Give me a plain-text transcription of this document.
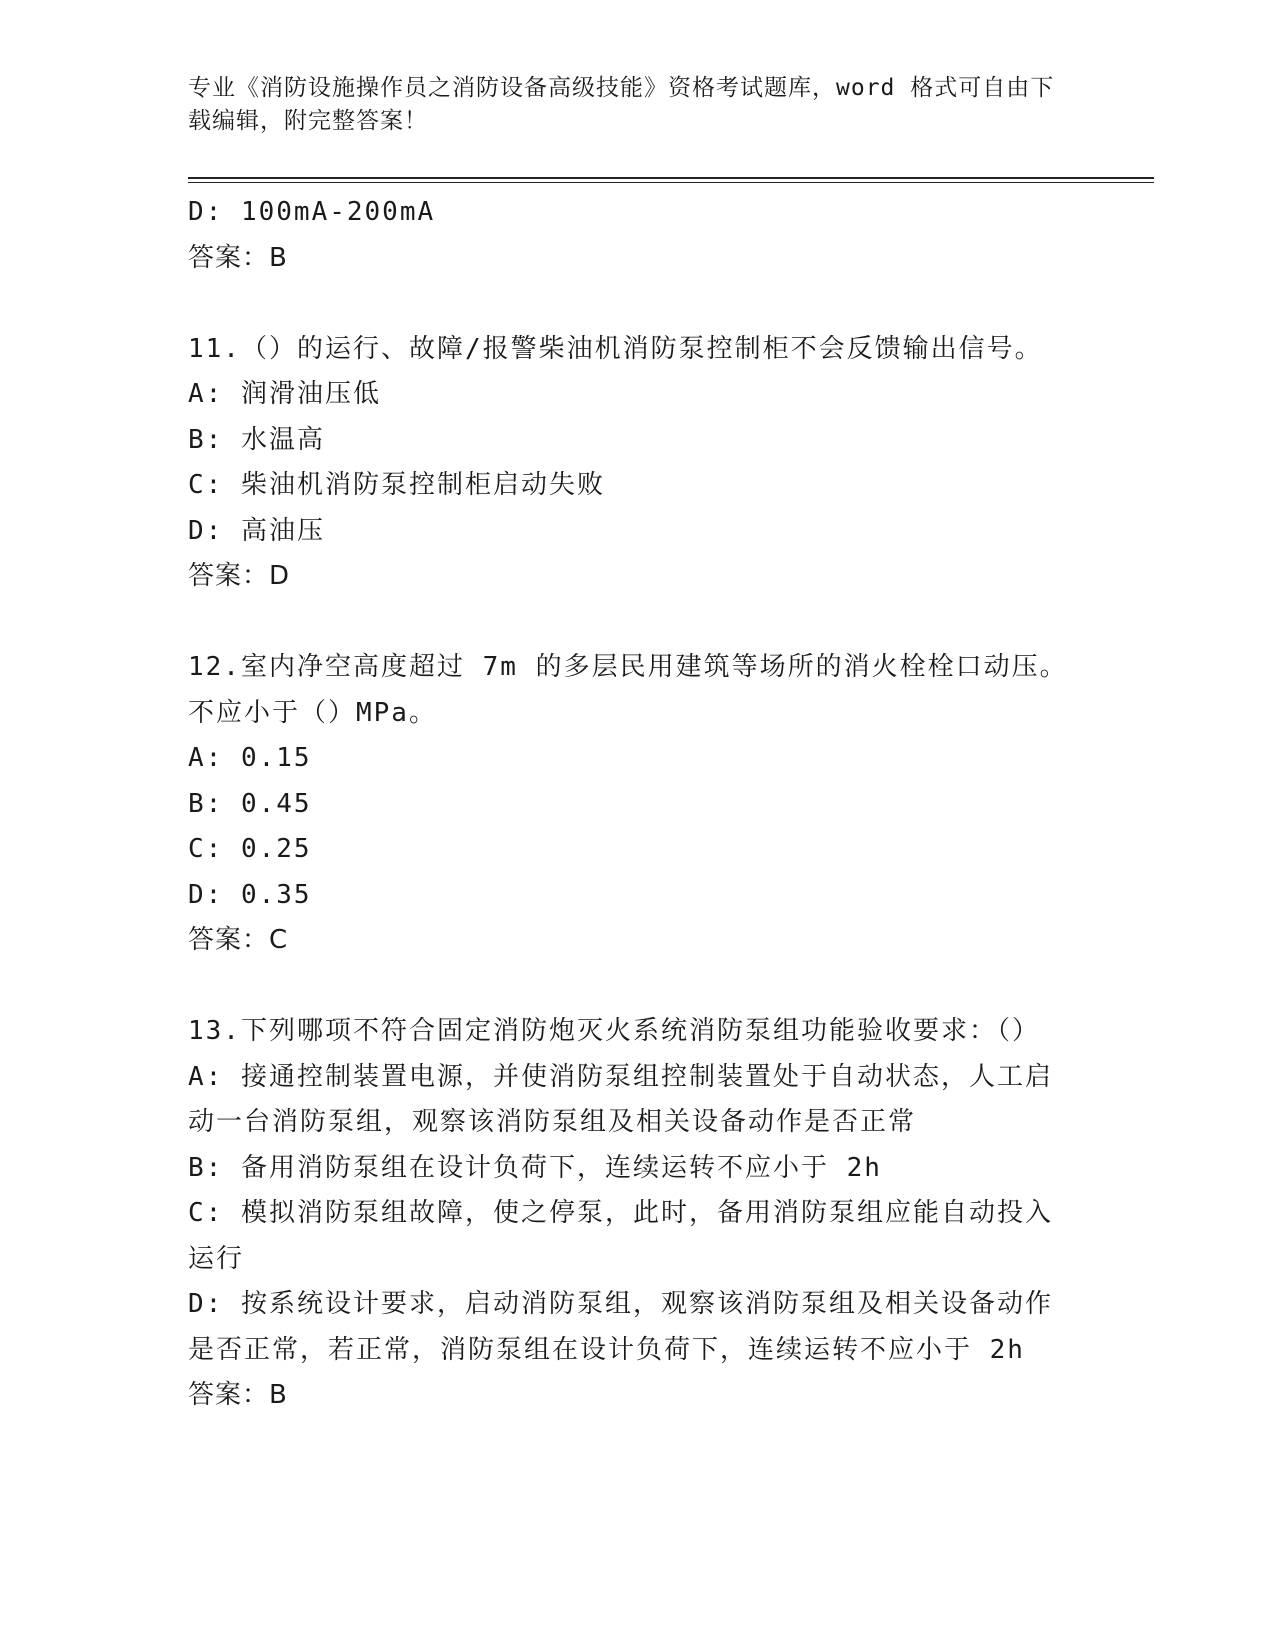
专业《消防设施操作员之消防设备高级技能》资格考试题库，word 格式可自由下
载编辑，附完整答案！

D: 100mA-200mA

答案：B

11.（）的运行、故障/报警柴油机消防泵控制柜不会反馈输出信号。

A: 润滑油压低

B: 水温高

C: 柴油机消防泵控制柜启动失败

D: 高油压

答案：D

12.室内净空高度超过 7m 的多层民用建筑等场所的消火栓栓口动压。

不应小于（）MPa。

A: 0.15

B: 0.45

C: 0.25

D: 0.35

答案：C

13.下列哪项不符合固定消防炮灭火系统消防泵组功能验收要求：（）

A: 接通控制装置电源，并使消防泵组控制装置处于自动状态，人工启

动一台消防泵组，观察该消防泵组及相关设备动作是否正常

B: 备用消防泵组在设计负荷下，连续运转不应小于 2h

C: 模拟消防泵组故障，使之停泵，此时，备用消防泵组应能自动投入

运行

D: 按系统设计要求，启动消防泵组，观察该消防泵组及相关设备动作

是否正常，若正常，消防泵组在设计负荷下，连续运转不应小于 2h

答案：B
